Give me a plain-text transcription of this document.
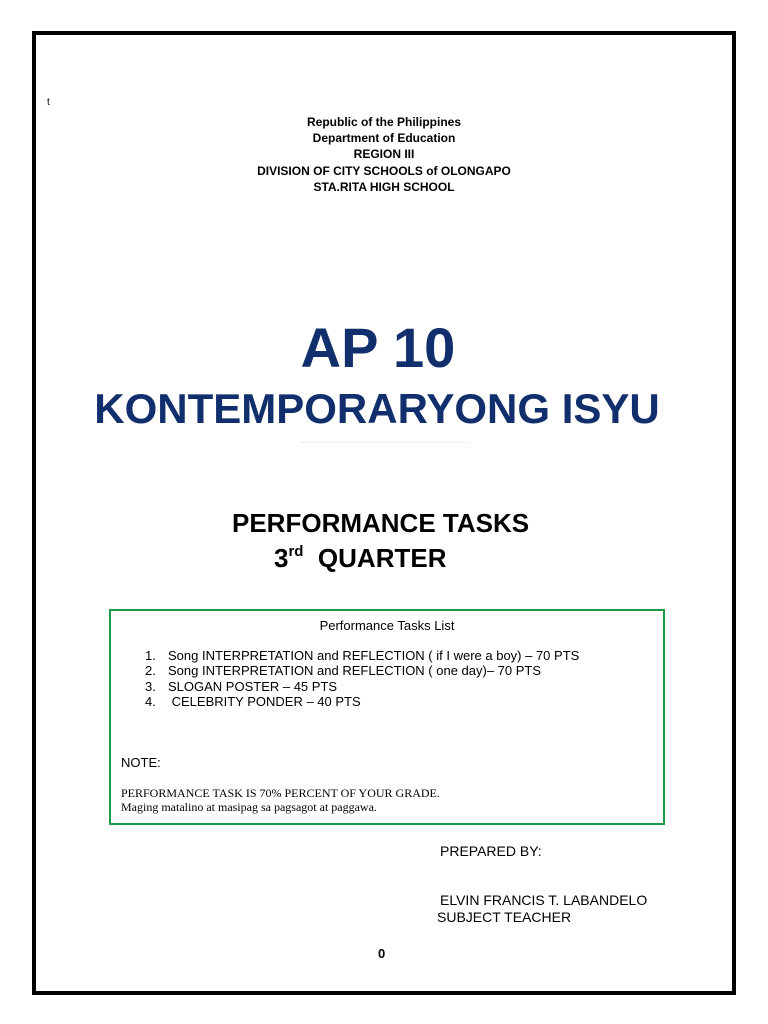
t
Republic of the Philippines
Department of Education
REGION III
DIVISION OF CITY SCHOOLS of OLONGAPO
STA.RITA HIGH SCHOOL
AP 10
KONTEMPORARYONG ISYU
PERFORMANCE TASKS
3rd QUARTER
Performance Tasks List
1. Song INTERPRETATION and REFLECTION ( if I were a boy) – 70 PTS
2. Song INTERPRETATION and REFLECTION ( one day)– 70 PTS
3. SLOGAN POSTER – 45 PTS
4. CELEBRITY PONDER – 40 PTS
NOTE:
PERFORMANCE TASK IS 70% PERCENT OF YOUR GRADE.
Maging matalino at masipag sa pagsagot at paggawa.
PREPARED BY:
ELVIN FRANCIS T. LABANDELO
SUBJECT TEACHER
0
